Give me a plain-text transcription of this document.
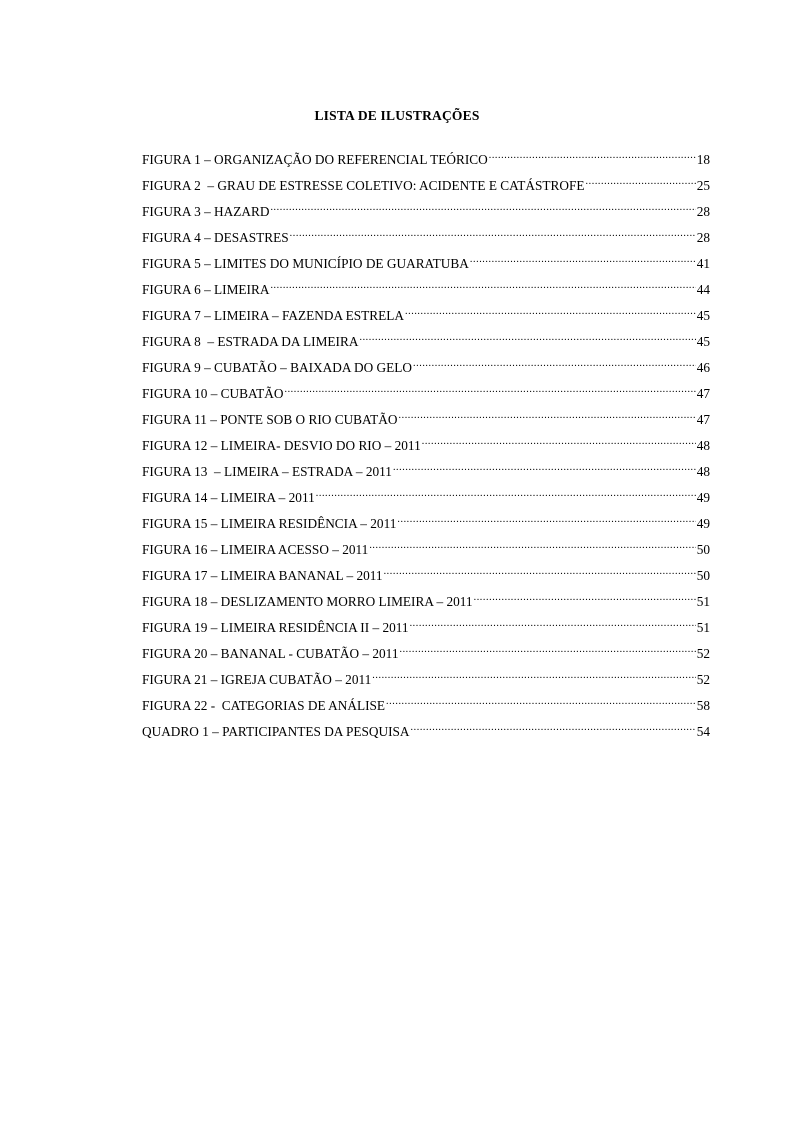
LISTA DE ILUSTRAÇÕES
FIGURA 1 – ORGANIZAÇÃO DO REFERENCIAL TEÓRICO .....	18
FIGURA 2  – GRAU DE ESTRESSE COLETIVO: ACIDENTE E CATÁSTROFE .....	25
FIGURA 3 – HAZARD .....	28
FIGURA 4 – DESASTRES .....	28
FIGURA 5 – LIMITES DO MUNICÍPIO DE GUARATUBA .....	41
FIGURA 6 – LIMEIRA .....	44
FIGURA 7 – LIMEIRA – FAZENDA ESTRELA .....	45
FIGURA 8  – ESTRADA DA LIMEIRA .....	45
FIGURA 9 – CUBATÃO – BAIXADA DO GELO .....	46
FIGURA 10 – CUBATÃO .....	47
FIGURA 11 – PONTE SOB O RIO CUBATÃO .....	47
FIGURA 12 – LIMEIRA- DESVIO DO RIO – 2011 .....	48
FIGURA 13  – LIMEIRA – ESTRADA – 2011 .....	48
FIGURA 14 – LIMEIRA – 2011 .....	49
FIGURA 15 – LIMEIRA RESIDÊNCIA – 2011 .....	49
FIGURA 16 – LIMEIRA ACESSO – 2011 .....	50
FIGURA 17 – LIMEIRA BANANAL – 2011 .....	50
FIGURA 18 – DESLIZAMENTO MORRO LIMEIRA – 2011 .....	51
FIGURA 19 – LIMEIRA RESIDÊNCIA II – 2011 .....	51
FIGURA 20 – BANANAL - CUBATÃO – 2011 .....	52
FIGURA 21 – IGREJA CUBATÃO – 2011 .....	52
FIGURA 22 -  CATEGORIAS DE ANÁLISE .....	58
QUADRO 1 – PARTICIPANTES DA PESQUISA .....	54
